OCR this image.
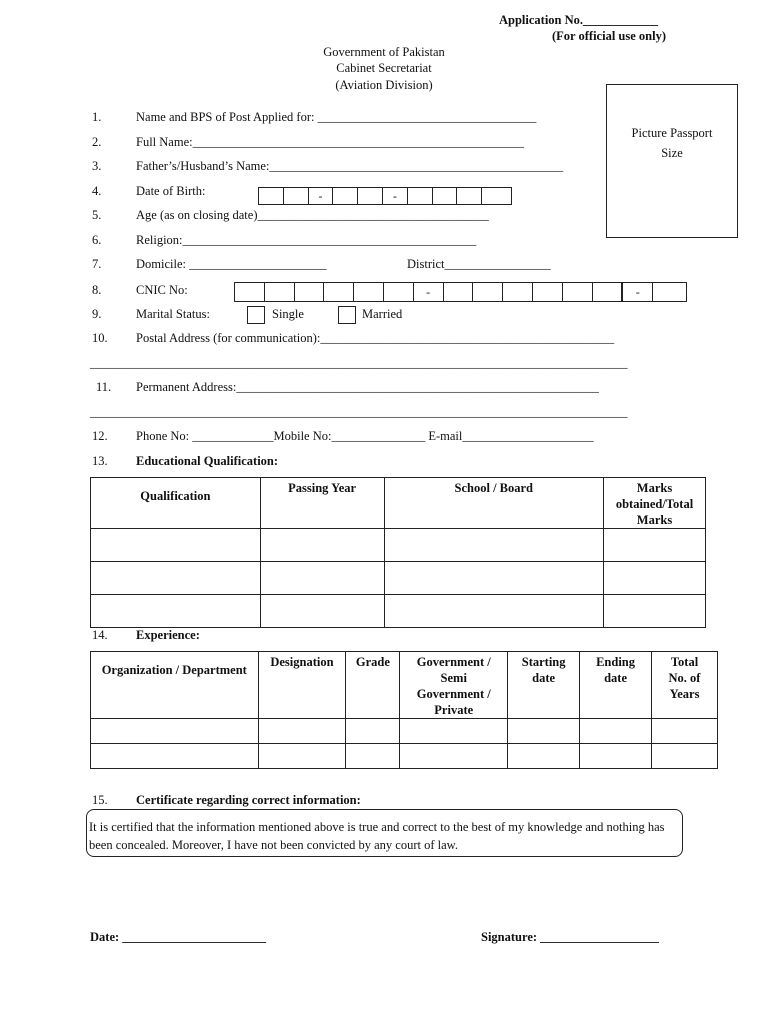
Application No.____________
(For official use only)
Government of Pakistan
Cabinet Secretariat
(Aviation Division)
Picture Passport
Size
1.	Name and BPS of Post Applied for: ___________________________________
2.	Full Name:_____________________________________________________
3.	Father’s/Husband’s Name:_______________________________________________
4.	Date of Birth:	-	-
5.	Age (as on closing date)_____________________________________
6.	Religion:_______________________________________________
7.	Domicile: ______________________	District_________________
8.	CNIC No:	-	-
9.	Marital Status:	Single	Married
10. Postal Address (for communication):_______________________________________________
______________________________________________________________________________________
11. Permanent Address:__________________________________________________________
______________________________________________________________________________________
12. Phone No: _____________Mobile No:_______________ E-mail_____________________
13. Educational Qualification:
Qualification	Passing Year	School / Board	Marks obtained/Total Marks

14. Experience:
Organization / Department	Designation	Grade	Government / Semi Government / Private	Starting date	Ending date	Total No. of Years

15. Certificate regarding correct information:
It is certified that the information mentioned above is true and correct to the best of my knowledge and nothing has been concealed. Moreover, I have not been convicted by any court of law.
Date: _______________________	Signature: ___________________
